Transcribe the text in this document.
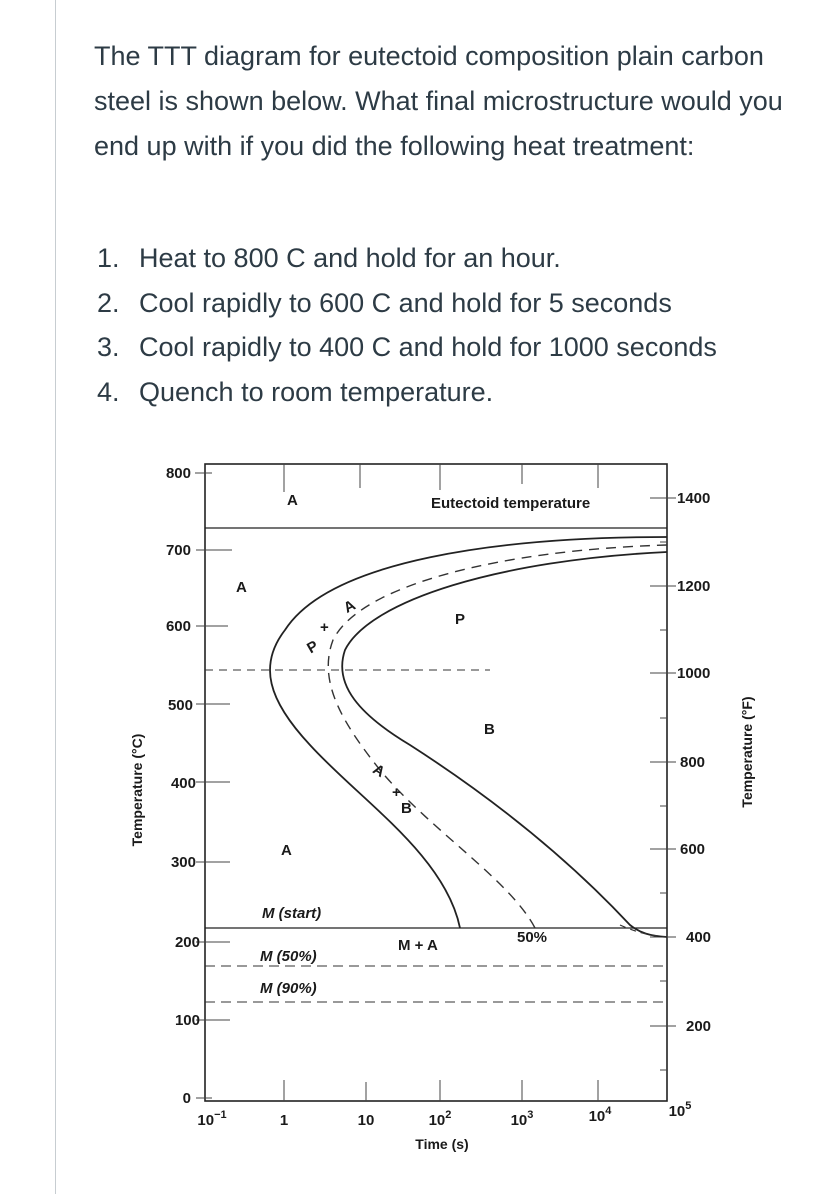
The TTT diagram for eutectoid composition plain carbon steel is shown below. What final microstructure would you end up with if you did the following heat treatment:

1. Heat to 800 C and hold for an hour.
2. Cool rapidly to 600 C and hold for 5 seconds
3. Cool rapidly to 400 C and hold for 1000 seconds
4. Quench to room temperature.
800
700
600
500
400
300
200
100
0
1400
1200
1000
800
600
400
200
Temperature (°C)	Temperature (°F)
Time (s)
$10^{-1}$	1	10	$10^2$	$10^3$	$10^4$	$10^5$
A	Eutectoid temperature
A
A
+
P
P
B
A
+
B
A
M (start)
M + A	50%
M (50%)
M (90%)
